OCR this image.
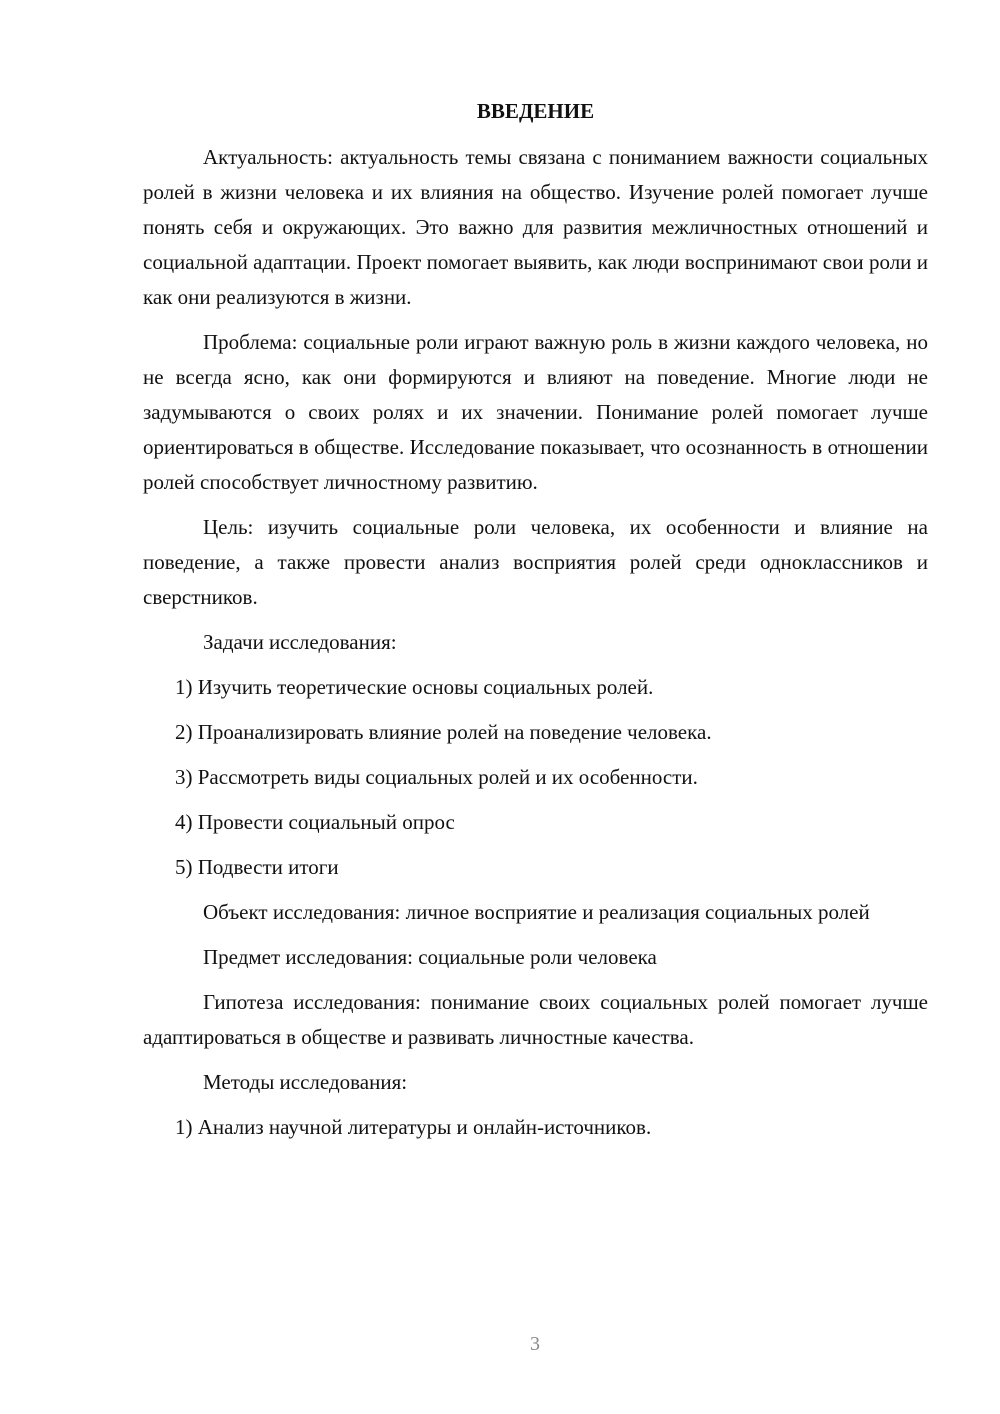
ВВЕДЕНИЕ

Актуальность: актуальность темы связана с пониманием важности социальных ролей в жизни человека и их влияния на общество. Изучение ролей помогает лучше понять себя и окружающих. Это важно для развития межличностных отношений и социальной адаптации. Проект помогает выявить, как люди воспринимают свои роли и как они реализуются в жизни.

Проблема: социальные роли играют важную роль в жизни каждого человека, но не всегда ясно, как они формируются и влияют на поведение. Многие люди не задумываются о своих ролях и их значении. Понимание ролей помогает лучше ориентироваться в обществе. Исследование показывает, что осознанность в отношении ролей способствует личностному развитию.

Цель: изучить социальные роли человека, их особенности и влияние на поведение, а также провести анализ восприятия ролей среди одноклассников и сверстников.

Задачи исследования:
1) Изучить теоретические основы социальных ролей.
2) Проанализировать влияние ролей на поведение человека.
3) Рассмотреть виды социальных ролей и их особенности.
4) Провести социальный опрос
5) Подвести итоги

Объект исследования: личное восприятие и реализация социальных ролей

Предмет исследования: социальные роли человека

Гипотеза исследования: понимание своих социальных ролей помогает лучше адаптироваться в обществе и развивать личностные качества.

Методы исследования:
1) Анализ научной литературы и онлайн-источников.
3
